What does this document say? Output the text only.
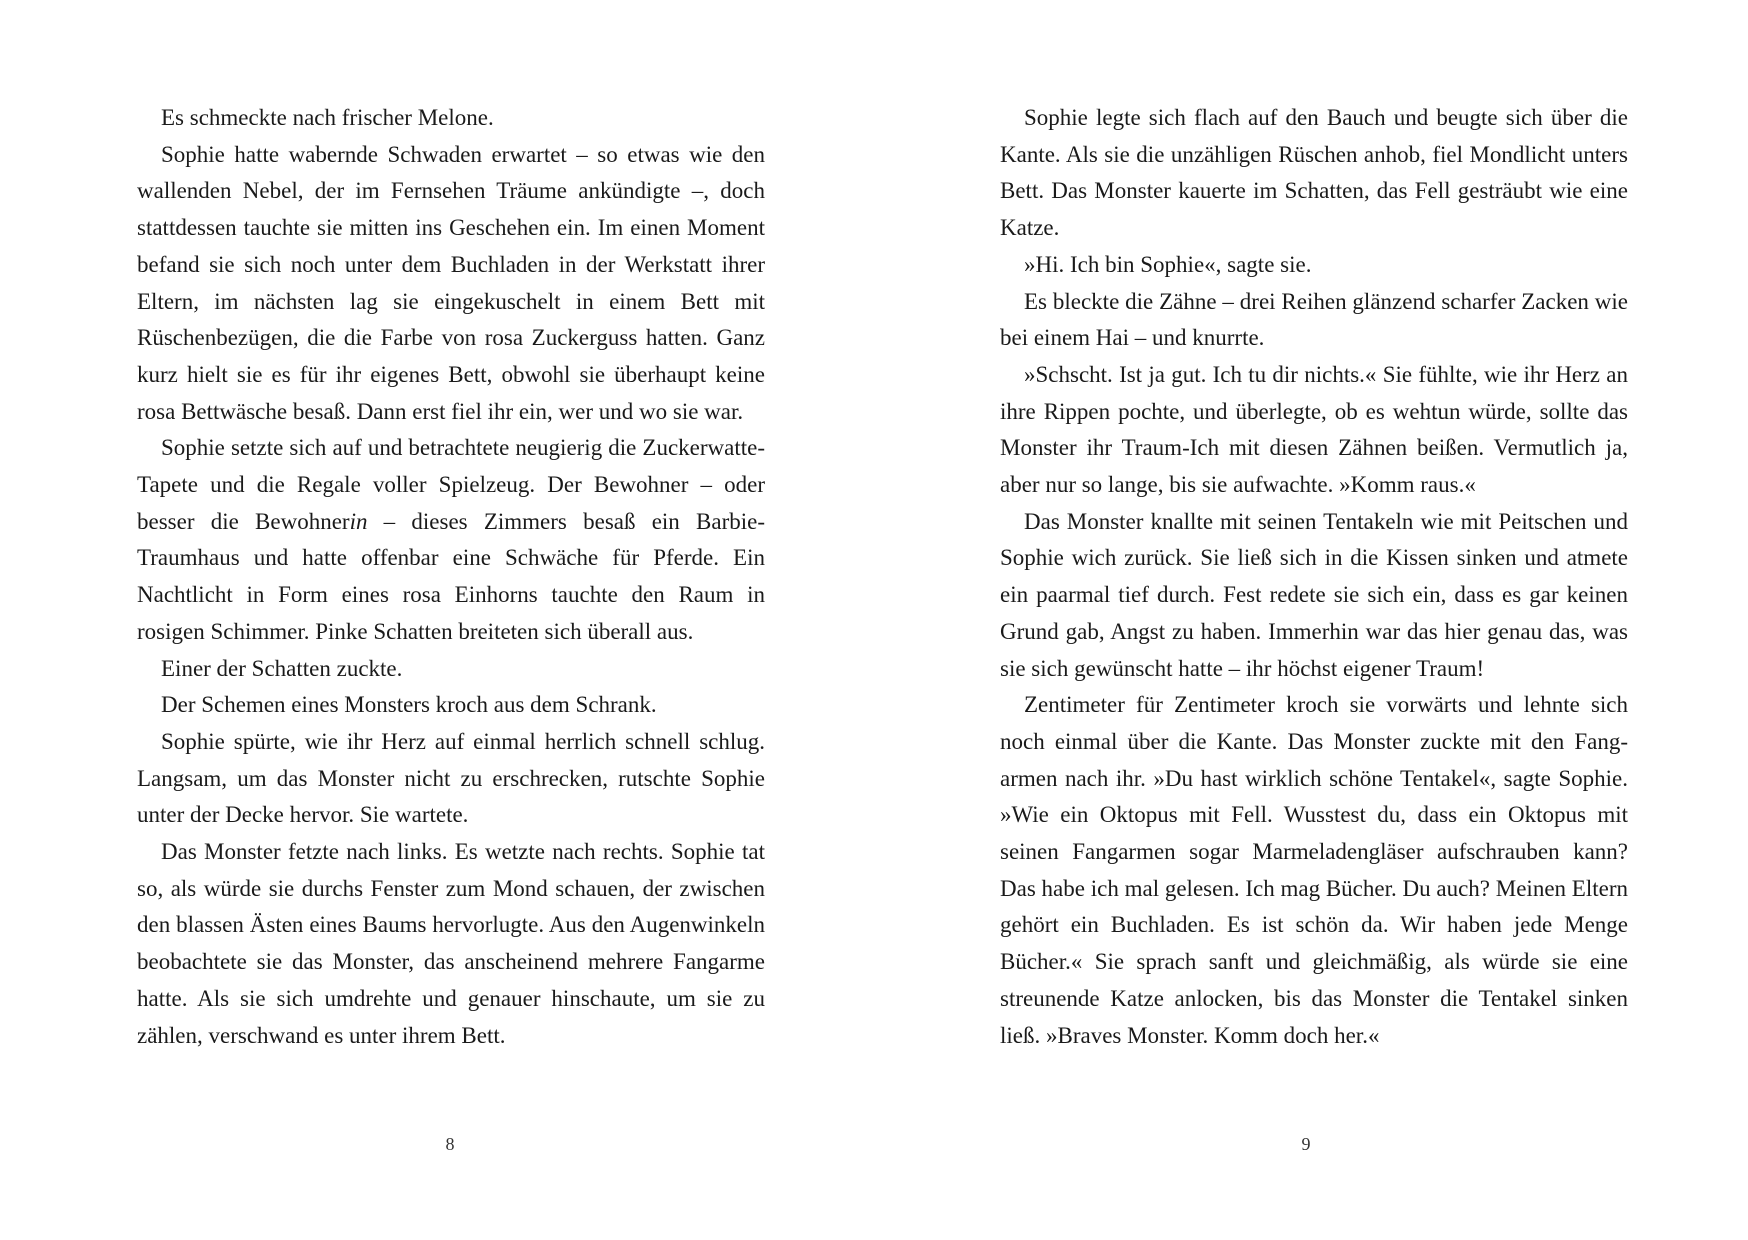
Es schmeckte nach frischer Melone.

Sophie hatte wabernde Schwaden erwartet – so etwas wie den wallenden Nebel, der im Fernsehen Träume ankündigte –, doch stattdessen tauchte sie mitten ins Geschehen ein. Im einen Moment befand sie sich noch unter dem Buchladen in der Werkstatt ihrer Eltern, im nächsten lag sie eingekuschelt in einem Bett mit Rüschenbezügen, die die Farbe von rosa Zuckerguss hatten. Ganz kurz hielt sie es für ihr eigenes Bett, obwohl sie überhaupt keine rosa Bettwäsche besaß. Dann erst fiel ihr ein, wer und wo sie war.

Sophie setzte sich auf und betrachtete neugierig die Zuckerwatte-Tapete und die Regale voller Spielzeug. Der Bewohner – oder besser die Bewohnerin – dieses Zimmers besaß ein Barbie-Traumhaus und hatte offenbar eine Schwäche für Pferde. Ein Nachtlicht in Form eines rosa Einhorns tauchte den Raum in rosigen Schimmer. Pinke Schatten breiteten sich überall aus.

Einer der Schatten zuckte.

Der Schemen eines Monsters kroch aus dem Schrank.

Sophie spürte, wie ihr Herz auf einmal herrlich schnell schlug. Langsam, um das Monster nicht zu erschrecken, rutschte Sophie unter der Decke hervor. Sie wartete.

Das Monster fetzte nach links. Es wetzte nach rechts. Sophie tat so, als würde sie durchs Fenster zum Mond schauen, der zwischen den blassen Ästen eines Baums hervorlugte. Aus den Augenwinkeln beobachtete sie das Monster, das anscheinend mehrere Fangarme hatte. Als sie sich umdrehte und genauer hinschaute, um sie zu zählen, verschwand es unter ihrem Bett.

8

Sophie legte sich flach auf den Bauch und beugte sich über die Kante. Als sie die unzähligen Rüschen anhob, fiel Mondlicht unters Bett. Das Monster kauerte im Schatten, das Fell gesträubt wie eine Katze.

»Hi. Ich bin Sophie«, sagte sie.

Es bleckte die Zähne – drei Reihen glänzend scharfer Zacken wie bei einem Hai – und knurrte.

»Schscht. Ist ja gut. Ich tu dir nichts.« Sie fühlte, wie ihr Herz an ihre Rippen pochte, und überlegte, ob es wehtun würde, sollte das Monster ihr Traum-Ich mit diesen Zähnen beißen. Vermutlich ja, aber nur so lange, bis sie aufwachte. »Komm raus.«

Das Monster knallte mit seinen Tentakeln wie mit Peitschen und Sophie wich zurück. Sie ließ sich in die Kissen sinken und atmete ein paarmal tief durch. Fest redete sie sich ein, dass es gar keinen Grund gab, Angst zu haben. Immerhin war das hier genau das, was sie sich gewünscht hatte – ihr höchst eigener Traum!

Zentimeter für Zentimeter kroch sie vorwärts und lehnte sich noch einmal über die Kante. Das Monster zuckte mit den Fangarmen nach ihr. »Du hast wirklich schöne Tentakel«, sagte Sophie. »Wie ein Oktopus mit Fell. Wusstest du, dass ein Oktopus mit seinen Fangarmen sogar Marmeladengläser aufschrauben kann? Das habe ich mal gelesen. Ich mag Bücher. Du auch? Meinen Eltern gehört ein Buchladen. Es ist schön da. Wir haben jede Menge Bücher.« Sie sprach sanft und gleichmäßig, als würde sie eine streunende Katze anlocken, bis das Monster die Tentakel sinken ließ. »Braves Monster. Komm doch her.«

9
